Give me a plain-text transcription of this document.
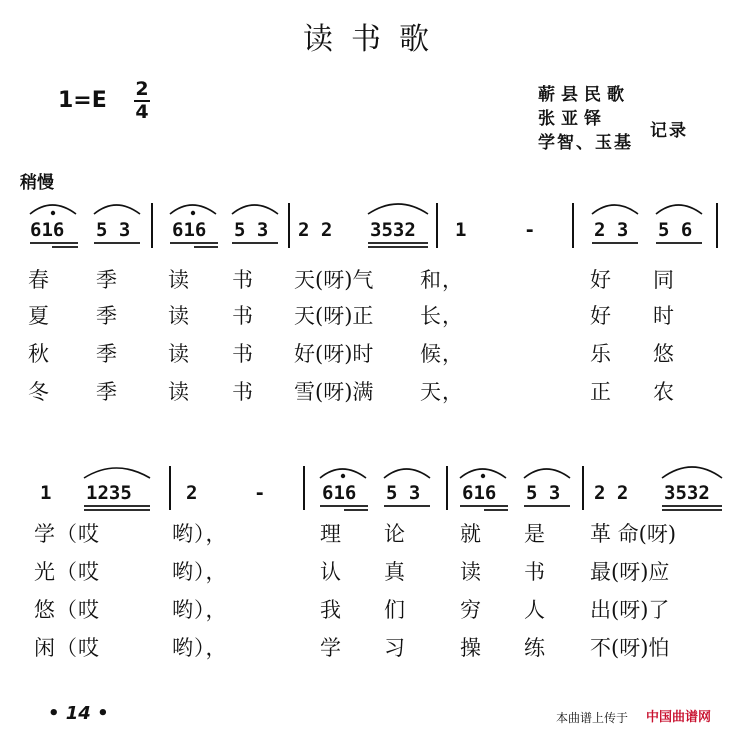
读书歌
1=E 2
4
蕲县民歌
张亚铎
学智、玉基
记录
稍慢
616 5 3 616 5 3 2 2 3532 1	-	2 3 5 6
春 季 读 书 天(呀)气 和，	好 同
夏 季 读 书 天(呀)正 长，	好 时
秋 季 读 书 好(呀)时 候，	乐 悠
冬 季 读 书 雪(呀)满 天，	正 农
1 1235	2	-	616 5 3 616 5 3 2 2 3532
学（哎	哟），	理 论	就 是 革 命(呀)
光（哎	哟），	认 真	读 书 最(呀)应
悠（哎	哟），	我 们	穷 人 出(呀)了
闲（哎	哟），	学 习	操 练 不(呀)怕
• 14 •	本曲谱上传于 中国曲谱网
